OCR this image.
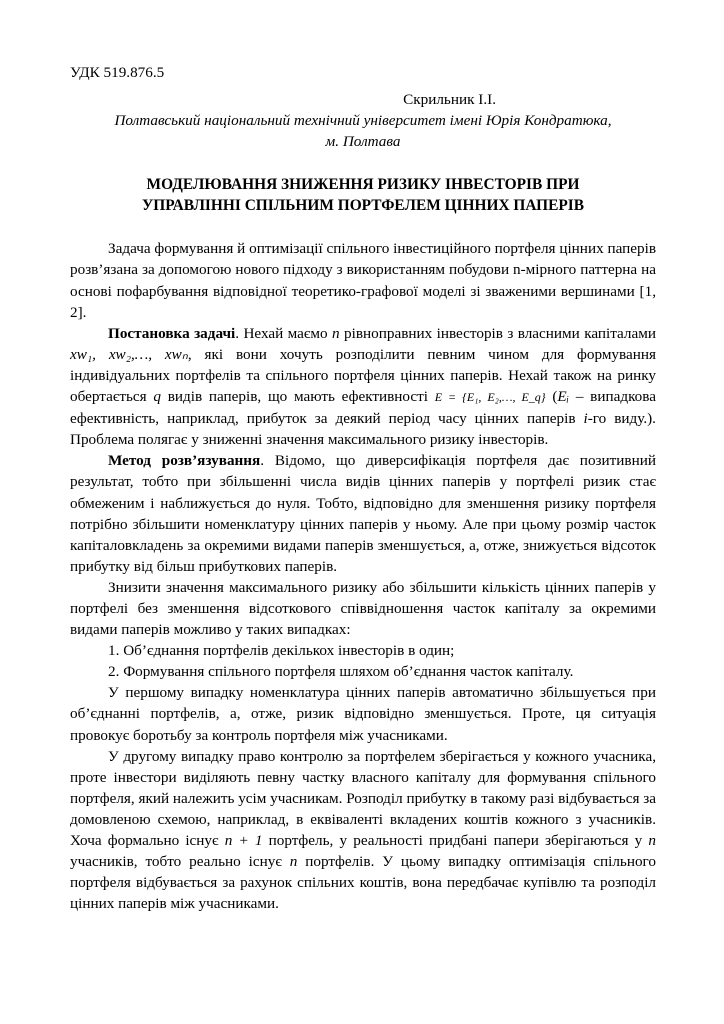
УДК 519.876.5
Скрильник І.І.
Полтавський національний технічний університет імені Юрія Кондратюка,
м. Полтава
МОДЕЛЮВАННЯ ЗНИЖЕННЯ РИЗИКУ ІНВЕСТОРІВ ПРИ
УПРАВЛІННІ СПІЛЬНИМ ПОРТФЕЛЕМ ЦІННИХ ПАПЕРІВ

Задача формування й оптимізації спільного інвестиційного портфеля цінних паперів розв’язана за допомогою нового підходу з використанням побудови n-мірного паттерна на основі пофарбування відповідної теоретико-графової моделі зі зваженими вершинами [1, 2].

Постановка задачі. Нехай маємо n рівноправних інвесторів з власними капіталами xw₁, xw₂,…, xwₙ, які вони хочуть розподілити певним чином для формування індивідуальних портфелів та спільного портфеля цінних паперів. Нехай також на ринку обертається q видів паперів, що мають ефективності E = {E₁, E₂,…, E_q} (Eᵢ – випадкова ефективність, наприклад, прибуток за деякий період часу цінних паперів i-го виду.). Проблема полягає у зниженні значення максимального ризику інвесторів.

Метод розв’язування. Відомо, що диверсифікація портфеля дає позитивний результат, тобто при збільшенні числа видів цінних паперів у портфелі ризик стає обмеженим і наближується до нуля. Тобто, відповідно для зменшення ризику портфеля потрібно збільшити номенклатуру цінних паперів у ньому. Але при цьому розмір часток капіталовкладень за окремими видами паперів зменшується, а, отже, знижується відсоток прибутку від більш прибуткових паперів.

Знизити значення максимального ризику або збільшити кількість цінних паперів у портфелі без зменшення відсоткового співвідношення часток капіталу за окремими видами паперів можливо у таких випадках:

1. Об’єднання портфелів декількох інвесторів в один;

2. Формування спільного портфеля шляхом об’єднання часток капіталу.

У першому випадку номенклатура цінних паперів автоматично збільшується при об’єднанні портфелів, а, отже, ризик відповідно зменшується. Проте, ця ситуація провокує боротьбу за контроль портфеля між учасниками.

У другому випадку право контролю за портфелем зберігається у кожного учасника, проте інвестори виділяють певну частку власного капіталу для формування спільного портфеля, який належить усім учасникам. Розподіл прибутку в такому разі відбувається за домовленою схемою, наприклад, в еквіваленті вкладених коштів кожного з учасників. Хоча формально існує n + 1 портфель, у реальності придбані папери зберігаються у n учасників, тобто реально існує n портфелів. У цьому випадку оптимізація спільного портфеля відбувається за рахунок спільних коштів, вона передбачає купівлю та розподіл цінних паперів між учасниками.
